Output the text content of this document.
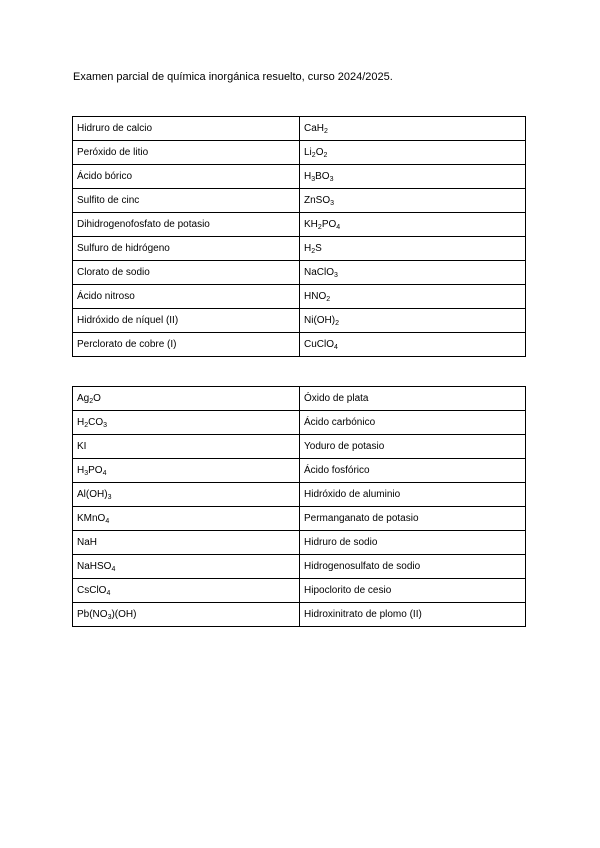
Examen parcial de química inorgánica resuelto, curso 2024/2025.
Hidruro de calcio	CaH$_2$
Peróxido de litio	$Li_2O_2$
Ácido bórico	$H_3BO_3$
Sulfito de cinc	ZnSO$_3$
Dihidrogenofosfato de potasio	$KH_2PO_4$
Sulfuro de hidrógeno	$H_2S$
Clorato de sodio	NaClO$_3$
Ácido nitroso	$HNO_2$
Hidróxido de níquel (II)	$Ni(OH)_2$
Perclorato de cobre (I)	CuClO$_4$
$Ag_2O$	Óxido de plata
$H_2CO_3$	Ácido carbónico
KI	Yoduro de potasio
$H_3PO_4$	Ácido fosfórico
$Al(OH)_3$	Hidróxido de aluminio
KMnO$_4$	Permanganato de potasio
NaH	Hidruro de sodio
NaHSO$_4$	Hidrogenosulfato de sodio
CsClO$_4$	Hipoclorito de cesio
$Pb(NO_3)(OH)$	Hidroxinitrato de plomo (II)
